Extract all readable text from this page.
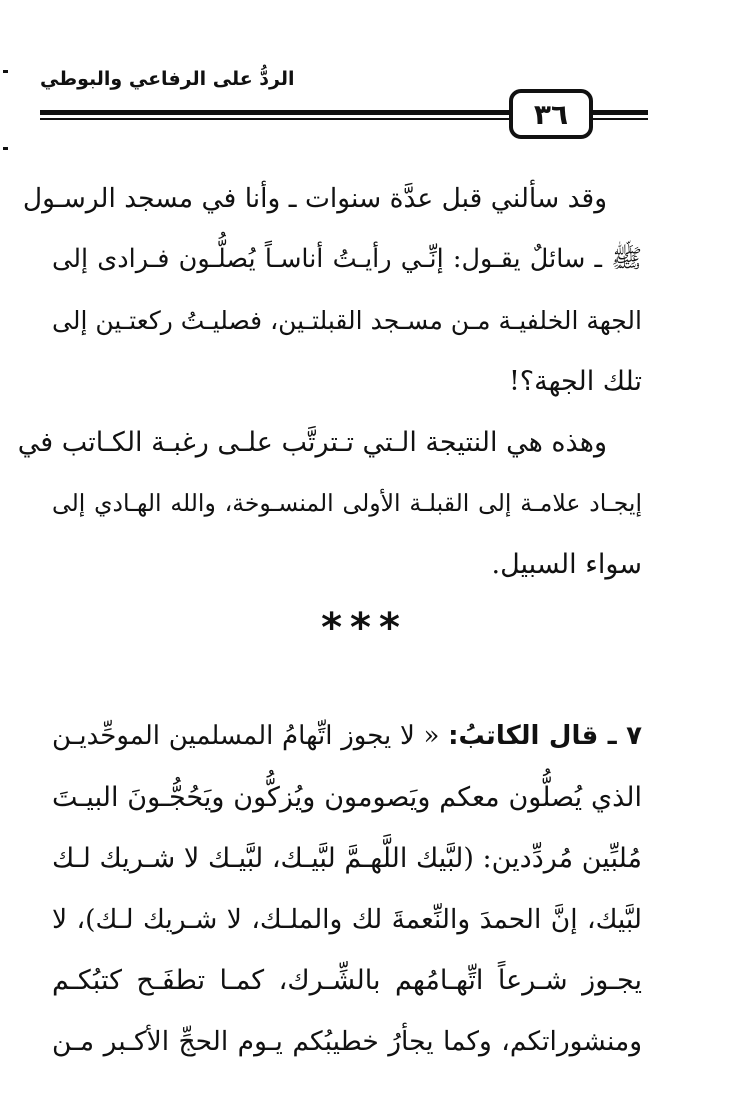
الردُّ على الرفاعي والبوطي
٣٦
وقد سألني قبل عدَّة سنوات ـ وأنا في مسجد الرسـول
ﷺ ـ سائلٌ يقـول: إنِّـي رأيـتُ أناسـاً يُصلُّـون فـرادى إلى
الجهة الخلفيـة مـن مسـجد القبلتـين، فصليـتُ ركعتـين إلى
تلك الجهة؟!
وهذه هي النتيجة الـتي تـترتَّب علـى رغبـة الكـاتب في
إيجـاد علامـة إلى القبلـة الأولى المنسـوخة، والله الهـادي إلى
سواء السبيل.
***
٧ ـ قال الكاتبُ: « لا يجوز اتِّهامُ المسلمين الموحِّديـن
الذي يُصلُّون معكم ويَصومون ويُزكُّون ويَحُجُّـونَ البيـتَ
مُلبِّين مُردِّدين: (لبَّيك اللَّهـمَّ لبَّيـك، لبَّيـك لا شـريك لـك
لبَّيك، إنَّ الحمدَ والنِّعمةَ لك والملـك، لا شـريك لـك)، لا
يجـوز شـرعاً اتِّهـامُهم بالشِّـرك، كمـا تطفَـح كتبُكـم
ومنشوراتكم، وكما يجأرُ خطيبُكم يـوم الحجِّ الأكـبر مـن
